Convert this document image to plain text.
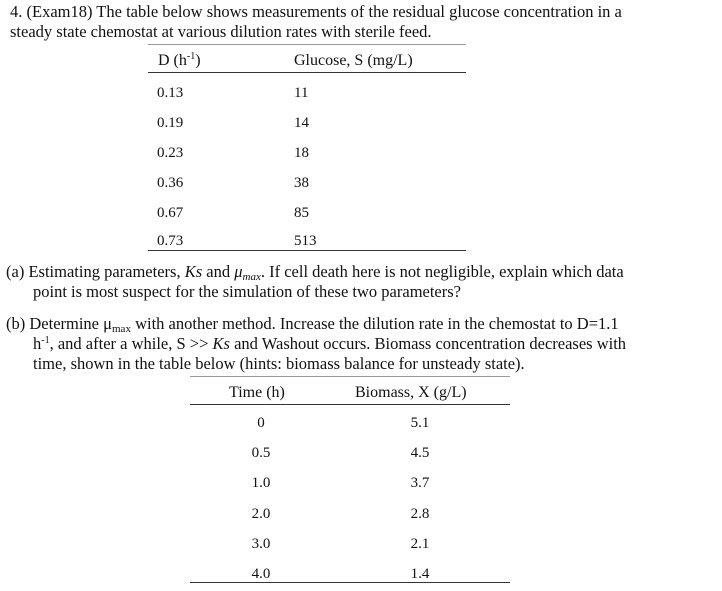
4. (Exam18) The table below shows measurements of the residual glucose concentration in a
steady state chemostat at various dilution rates with sterile feed.
D $(h^{-1})$	Glucose, S (mg/L)
0.13	11
0.19	14
0.23	18
0.36	38
0.67	85
0.73	513
(a) Estimating parameters, Ks and $\mu_{max}$. If cell death here is not negligible, explain which data
point is most suspect for the simulation of these two parameters?
(b) Determine $\mu_{max}$ with another method. Increase the dilution rate in the chemostat to D=1.1
$h^{-1}$, and after a while, S >> Ks and Washout occurs. Biomass concentration decreases with
time, shown in the table below (hints: biomass balance for unsteady state).
Time (h)	Biomass, X (g/L)
0	5.1
0.5	4.5
1.0	3.7
2.0	2.8
3.0	2.1
4.0	1.4
